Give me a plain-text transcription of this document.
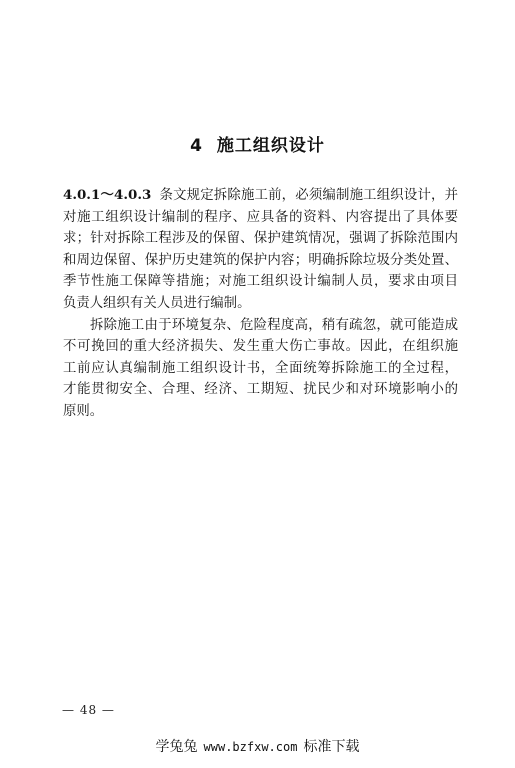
4 施工组织设计
4.0.1～4.0.3 条文规定拆除施工前，必须编制施工组织设计，并
对施工组织设计编制的程序、应具备的资料、内容提出了具体要
求；针对拆除工程涉及的保留、保护建筑情况，强调了拆除范围内
和周边保留、保护历史建筑的保护内容；明确拆除垃圾分类处置、
季节性施工保障等措施；对施工组织设计编制人员，要求由项目
负责人组织有关人员进行编制。
拆除施工由于环境复杂、危险程度高，稍有疏忽，就可能造成
不可挽回的重大经济损失、发生重大伤亡事故。因此，在组织施
工前应认真编制施工组织设计书，全面统筹拆除施工的全过程，
才能贯彻安全、合理、经济、工期短、扰民少和对环境影响小的
原则。
— 48 —
学兔兔 www.bzfxw.com 标准下载
